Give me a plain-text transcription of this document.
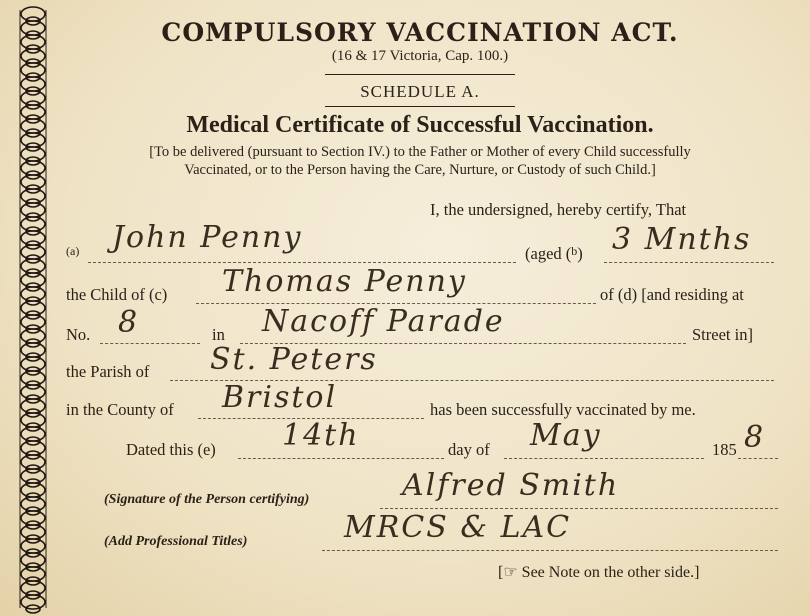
COMPULSORY VACCINATION ACT.
(16 & 17 Victoria, Cap. 100.)
SCHEDULE A.
Medical Certificate of Successful Vaccination.
[To be delivered (pursuant to Section IV.) to the Father or Mother of every Child successfully
Vaccinated, or to the Person having the Care, Nurture, or Custody of such Child.]
I, the undersigned, hereby certify, That
(a) John Penny	(aged ($^b$) 3 Mnths
the Child of (c) Thomas Penny	of (d) [and residing at
No. 8	in Nacoff Parade	Street in]
the Parish of St. Peters
in the County of Bristol	has been successfully vaccinated by me.
Dated this (e) 14th	day of May	185 8
(Signature of the Person certifying)	Alfred Smith
(Add Professional Titles)	MRCS & LAC
[☞ See Note on the other side.]
